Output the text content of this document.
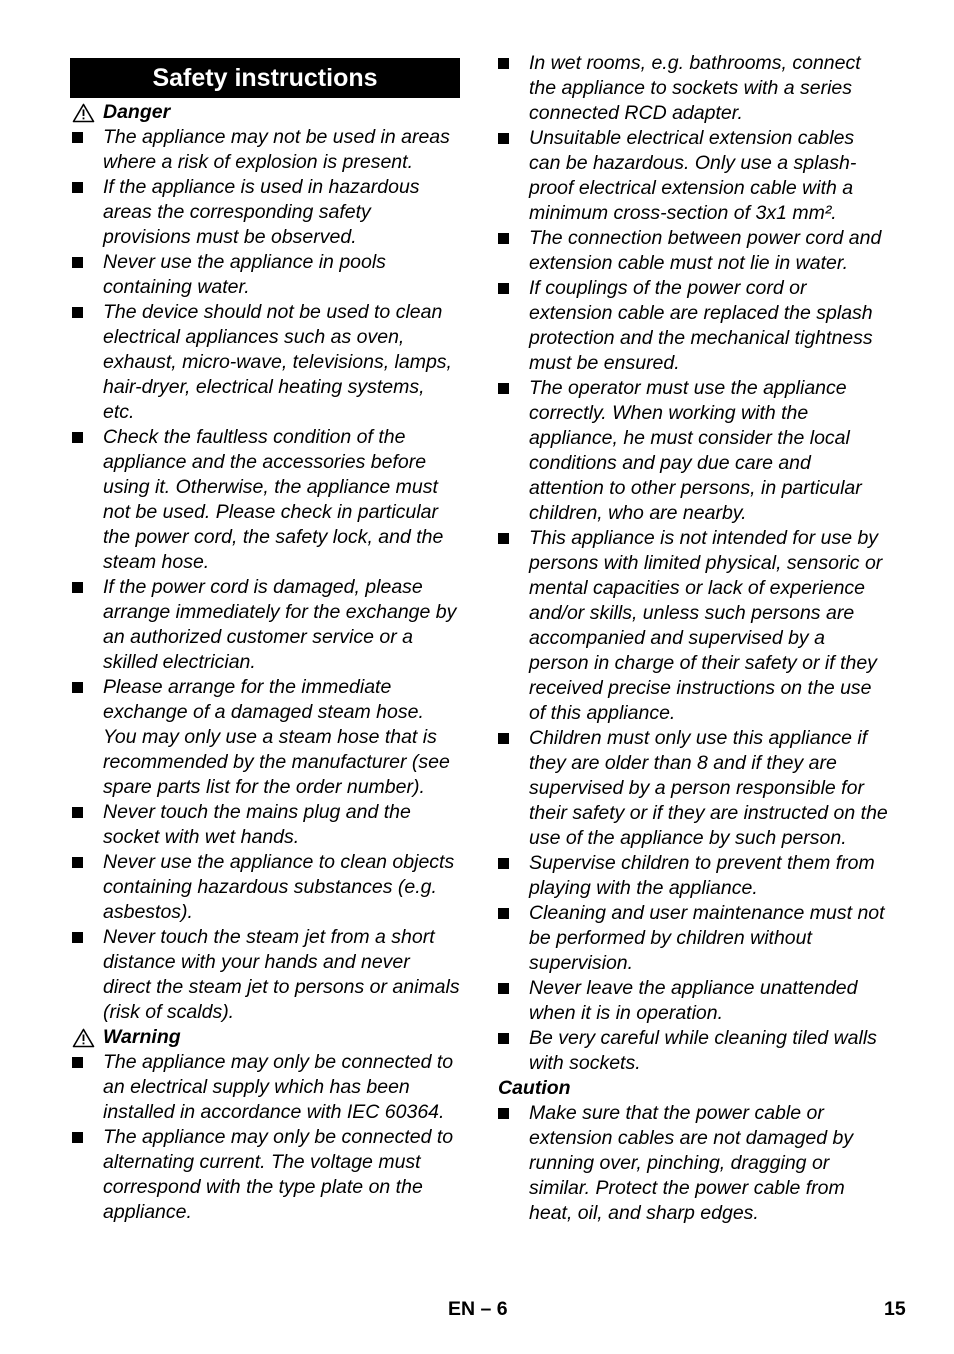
Safety instructions
Danger
The appliance may not be used in areas where a risk of explosion is present.
If the appliance is used in hazardous areas the corresponding safety provisions must be observed.
Never use the appliance in pools containing water.
The device should not be used to clean electrical appliances such as oven, exhaust, micro-wave, televisions, lamps, hair-dryer, electrical heating systems, etc.
Check the faultless condition of the appliance and the accessories before using it. Otherwise, the appliance must not be used. Please check in particular the power cord, the safety lock, and the steam hose.
If the power cord is damaged, please arrange immediately for the exchange by an authorized customer service or a skilled electrician.
Please arrange for the immediate exchange of a damaged steam hose. You may only use a steam hose that is recommended by the manufacturer (see spare parts list for the order number).
Never touch the mains plug and the socket with wet hands.
Never use the appliance to clean objects containing hazardous substances (e.g. asbestos).
Never touch the steam jet from a short distance with your hands and never direct the steam jet to persons or animals (risk of scalds).
Warning
The appliance may only be connected to an electrical supply which has been installed in accordance with IEC 60364.
The appliance may only be connected to alternating current. The voltage must correspond with the type plate on the appliance.
In wet rooms, e.g. bathrooms, connect the appliance to sockets with a series connected RCD adapter.
Unsuitable electrical extension cables can be hazardous. Only use a splash-proof electrical extension cable with a minimum cross-section of 3x1 mm².
The connection between power cord and extension cable must not lie in water.
If couplings of the power cord or extension cable are replaced the splash protection and the mechanical tightness must be ensured.
The operator must use the appliance correctly. When working with the appliance, he must consider the local conditions and pay due care and attention to other persons, in particular children, who are nearby.
This appliance is not intended for use by persons with limited physical, sensoric or mental capacities or lack of experience and/or skills, unless such persons are accompanied and supervised by a person in charge of their safety or if they received precise instructions on the use of this appliance.
Children must only use this appliance if they are older than 8 and if they are supervised by a person responsible for their safety or if they are instructed on the use of the appliance by such person.
Supervise children to prevent them from playing with the appliance.
Cleaning and user maintenance must not be performed by children without supervision.
Never leave the appliance unattended when it is in operation.
Be very careful while cleaning tiled walls with sockets.
Caution
Make sure that the power cable or extension cables are not damaged by running over, pinching, dragging or similar. Protect the power cable from heat, oil, and sharp edges.
EN – 6	15
